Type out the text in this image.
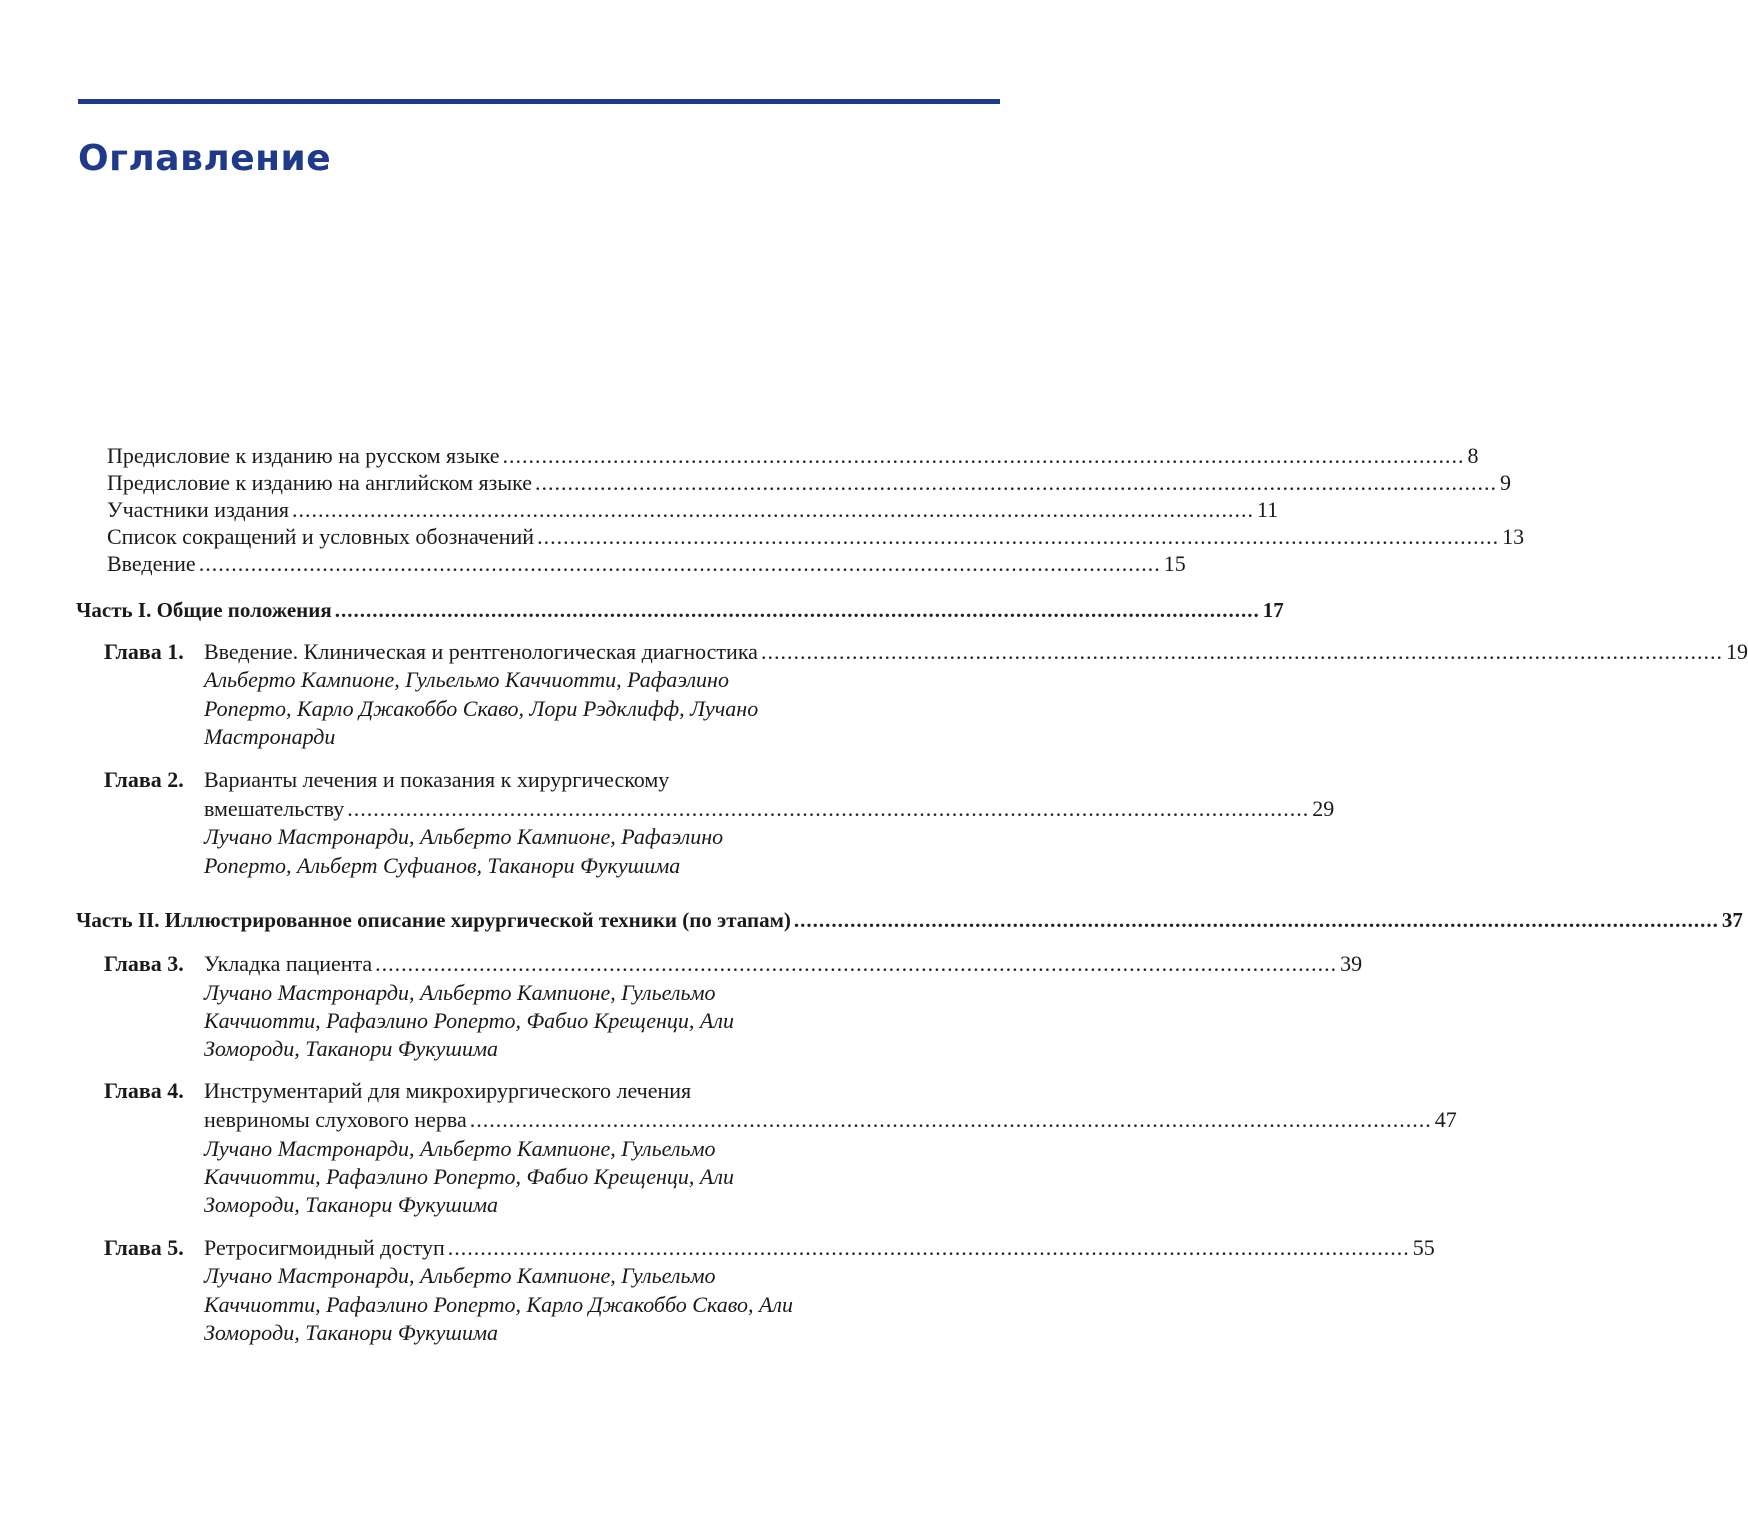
Оглавление
Предисловие к изданию на русском языке .................................................................................................................................................... 8
Предисловие к изданию на английском языке .................................................................................................................................................... 9
Участники издания .................................................................................................................................................... 11
Список сокращений и условных обозначений .................................................................................................................................................... 13
Введение .................................................................................................................................................... 15
Часть I. Общие положения .................................................................................................................................................... 17
Глава 1. Введение. Клиническая и рентгенологическая диагностика .................................................................................................................................................... 19
Альберто Кампионе, Гульельмо Каччиотти, Рафаэлино
Роперто, Карло Джакоббо Скаво, Лори Рэдклифф, Лучано
Мастронарди
Глава 2. Варианты лечения и показания к хирургическому
вмешательству .................................................................................................................................................... 29
Лучано Мастронарди, Альберто Кампионе, Рафаэлино
Роперто, Альберт Суфианов, Таканори Фукушима
Часть II. Иллюстрированное описание хирургической техники (по этапам) .................................................................................................................................................... 37
Глава 3. Укладка пациента .................................................................................................................................................... 39
Лучано Мастронарди, Альберто Кампионе, Гульельмо
Каччиотти, Рафаэлино Роперто, Фабио Крещенци, Али
Зоморoди, Таканори Фукушима
Глава 4. Инструментарий для микрохирургического лечения
невриномы слухового нерва .................................................................................................................................................... 47
Лучано Мастронарди, Альберто Кампионе, Гульельмо
Каччиотти, Рафаэлино Роперто, Фабио Крещенци, Али
Зоморoди, Таканори Фукушима
Глава 5. Ретросигмоидный доступ .................................................................................................................................................... 55
Лучано Мастронарди, Альберто Кампионе, Гульельмо
Каччиотти, Рафаэлино Роперто, Карло Джакоббо Скаво, Али
Зоморoди, Таканори Фукушима
